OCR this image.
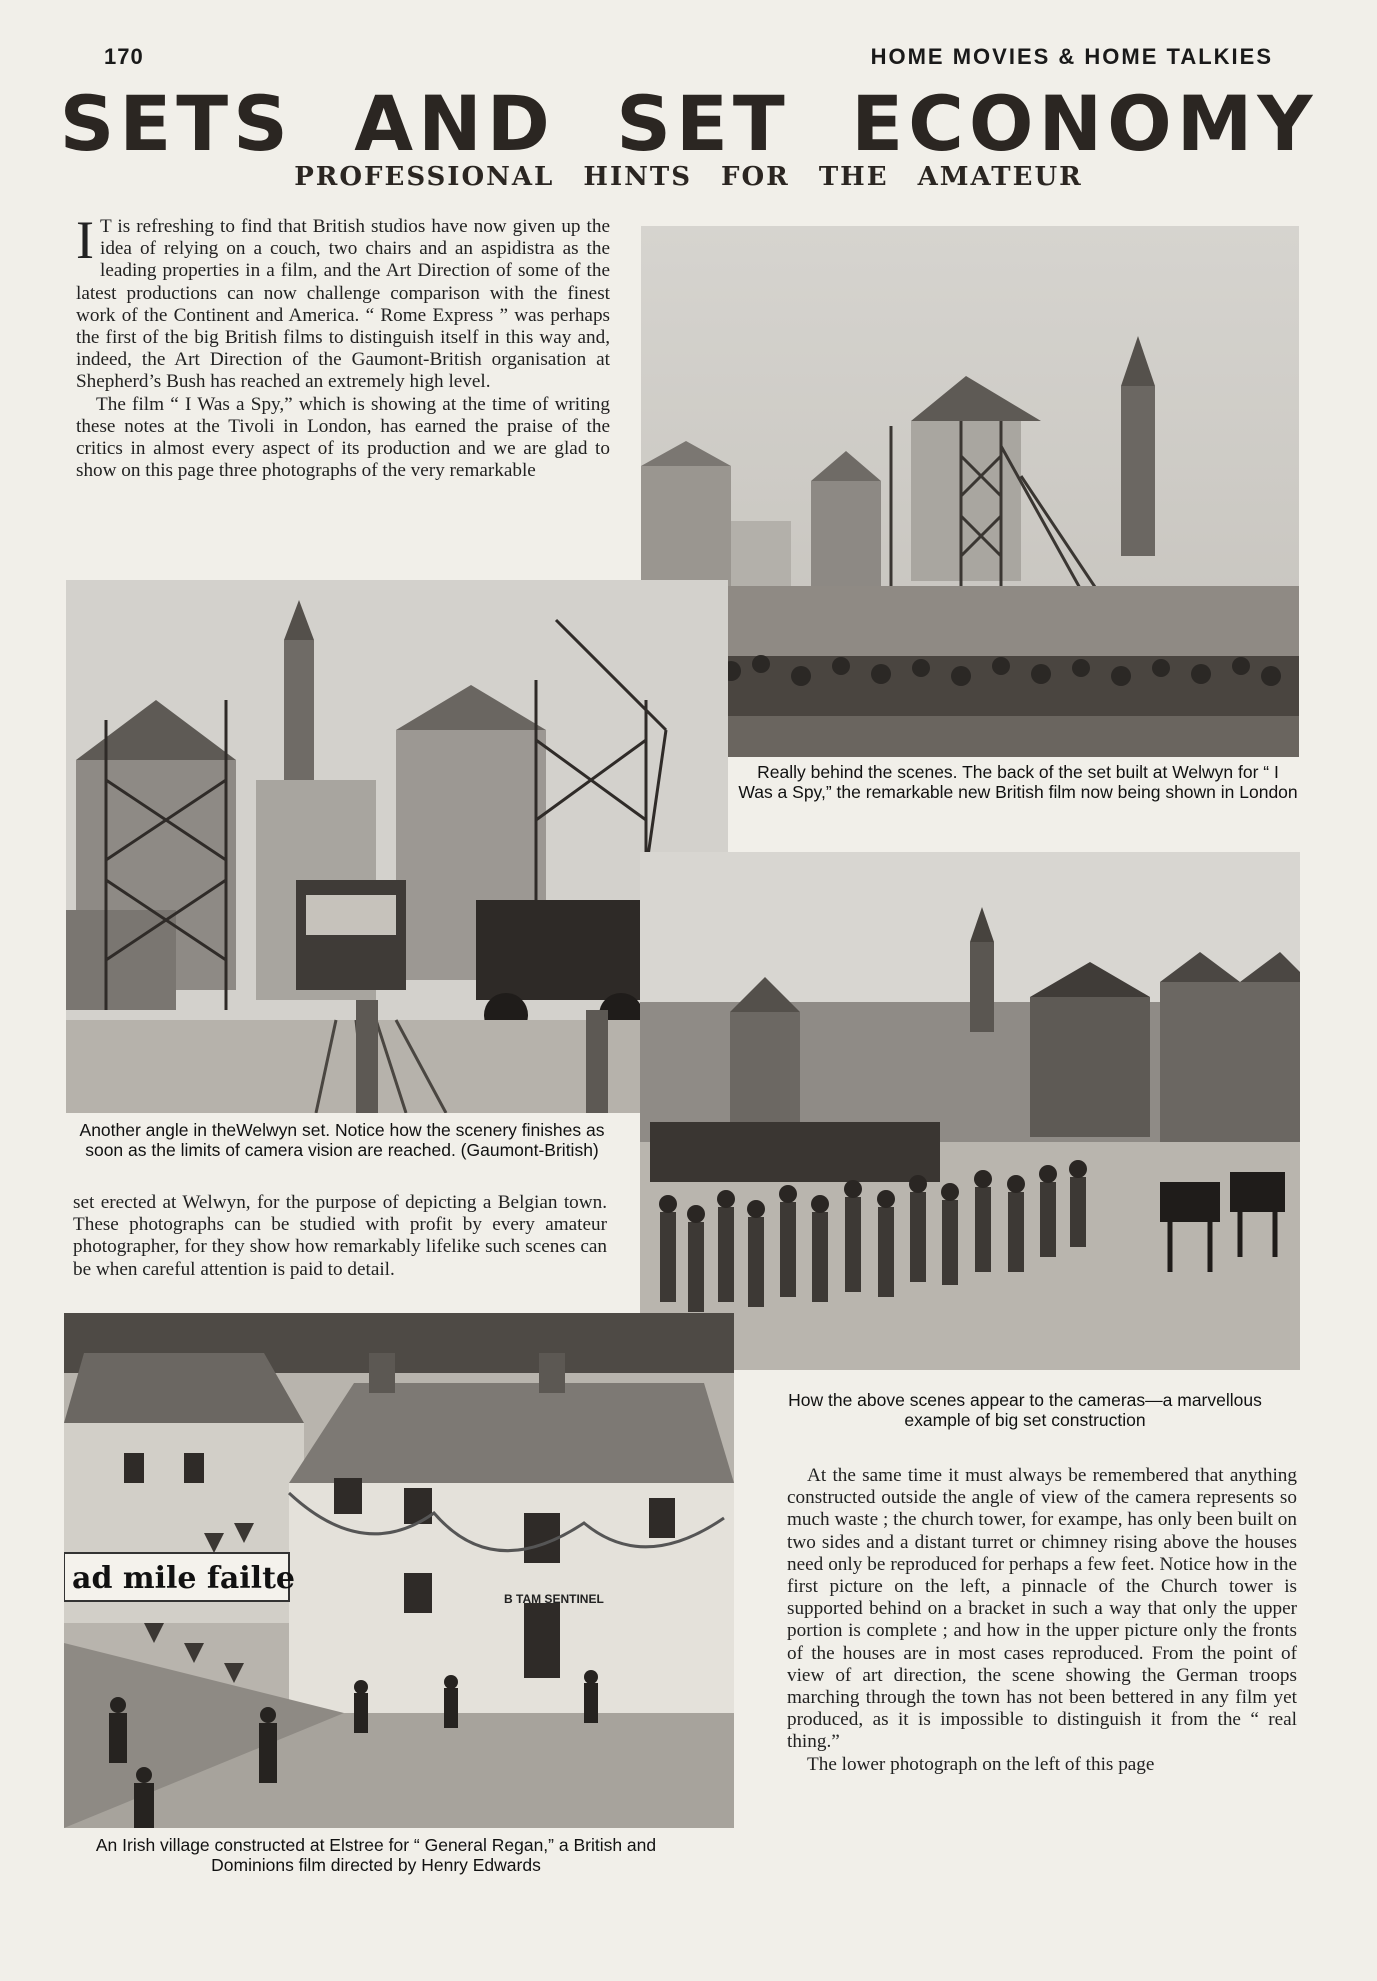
170	HOME MOVIES & HOME TALKIES
SETS AND SET ECONOMY
PROFESSIONAL HINTS FOR THE AMATEUR

I T is refreshing to find that British studios have now given up the idea of relying on a couch, two chairs and an aspidistra as the leading properties in a film, and the Art Direction of some of the latest productions can now challenge comparison with the finest work of the Continent and America. “ Rome Express ” was perhaps the first of the big British films to distinguish itself in this way and, indeed, the Art Direction of the Gaumont-British organisation at Shepherd’s Bush has reached an extremely high level.

The film “ I Was a Spy,” which is showing at the time of writing these notes at the Tivoli in London, has earned the praise of the critics in almost every aspect of its production and we are glad to show on this page three photographs of the very remarkable

Really behind the scenes. The back of the set built at Welwyn for “ I Was a Spy,” the remarkable new British film now being shown in London
Another angle in theWelwyn set. Notice how the scenery finishes as soon as the limits of camera vision are reached. (Gaumont-British)
set erected at Welwyn, for the purpose of depicting a Belgian town. These photographs can be studied with profit by every amateur photographer, for they show how remarkably lifelike such scenes can be when careful attention is paid to detail.
How the above scenes appear to the cameras—a marvellous example of big set construction
ad mile failte
B TAM SENTINEL
An Irish village constructed at Elstree for “ General Regan,” a British and Dominions film directed by Henry Edwards

At the same time it must always be remembered that anything constructed outside the angle of view of the camera represents so much waste ; the church tower, for exampe, has only been built on two sides and a distant turret or chimney rising above the houses need only be reproduced for perhaps a few feet. Notice how in the first picture on the left, a pinnacle of the Church tower is supported behind on a bracket in such a way that only the upper portion is complete ; and how in the upper picture only the fronts of the houses are in most cases reproduced. From the point of view of art direction, the scene showing the German troops marching through the town has not been bettered in any film yet produced, as it is impossible to distinguish it from the “ real thing.”

The lower photograph on the left of this page
